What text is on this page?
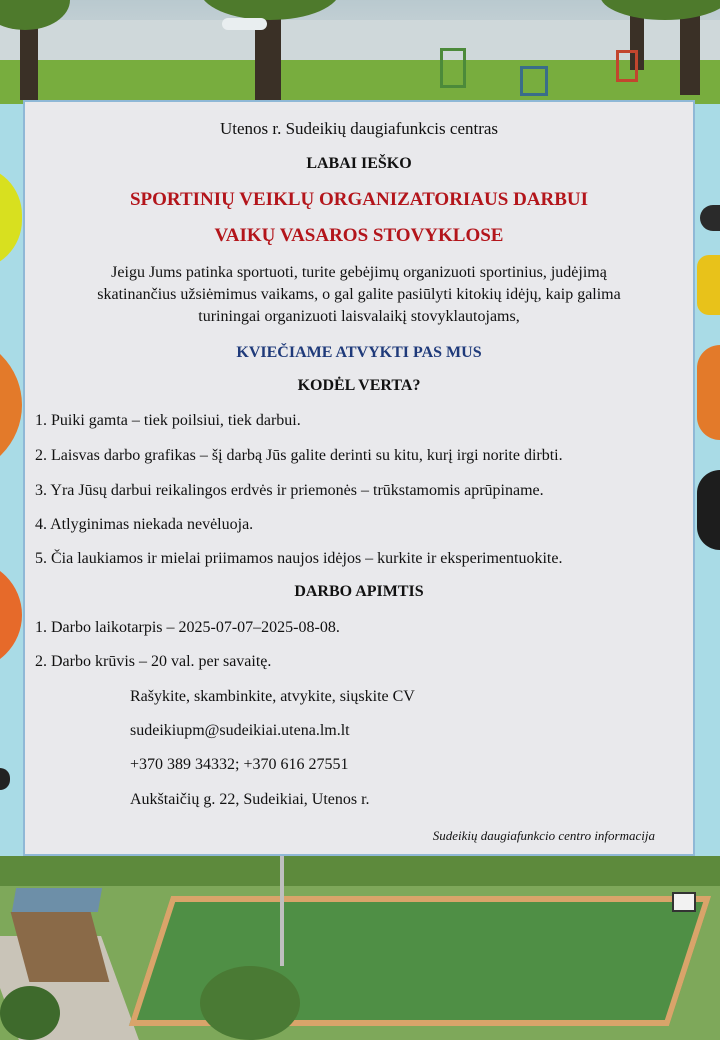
Utenos r. Sudeikių daugiafunkcis centras
LABAI IEŠKO
SPORTINIŲ VEIKLŲ ORGANIZATORIAUS DARBUI
VAIKŲ VASAROS STOVYKLOSE
Jeigu Jums patinka sportuoti, turite gebėjimų organizuoti sportinius, judėjimą
skatinančius užsiėmimus vaikams, o gal galite pasiūlyti kitokių idėjų, kaip galima
turiningai organizuoti laisvalaikį stovyklautojams,
KVIEČIAME ATVYKTI PAS MUS
KODĖL VERTA?
1. Puiki gamta – tiek poilsiui, tiek darbui.
2. Laisvas darbo grafikas – šį darbą Jūs galite derinti su kitu, kurį irgi norite dirbti.
3. Yra Jūsų darbui reikalingos erdvės ir priemonės – trūkstamomis aprūpiname.
4. Atlyginimas niekada nevėluoja.
5. Čia laukiamos ir mielai priimamos naujos idėjos – kurkite ir eksperimentuokite.
DARBO APIMTIS
1. Darbo laikotarpis – 2025-07-07–2025-08-08.
2. Darbo krūvis – 20 val. per savaitę.
Rašykite, skambinkite, atvykite, siųskite CV
sudeikiupm@sudeikiai.utena.lm.lt
+370 389 34332; +370 616 27551
Aukštaičių g. 22, Sudeikiai, Utenos r.
Sudeikių daugiafunkcio centro informacija
